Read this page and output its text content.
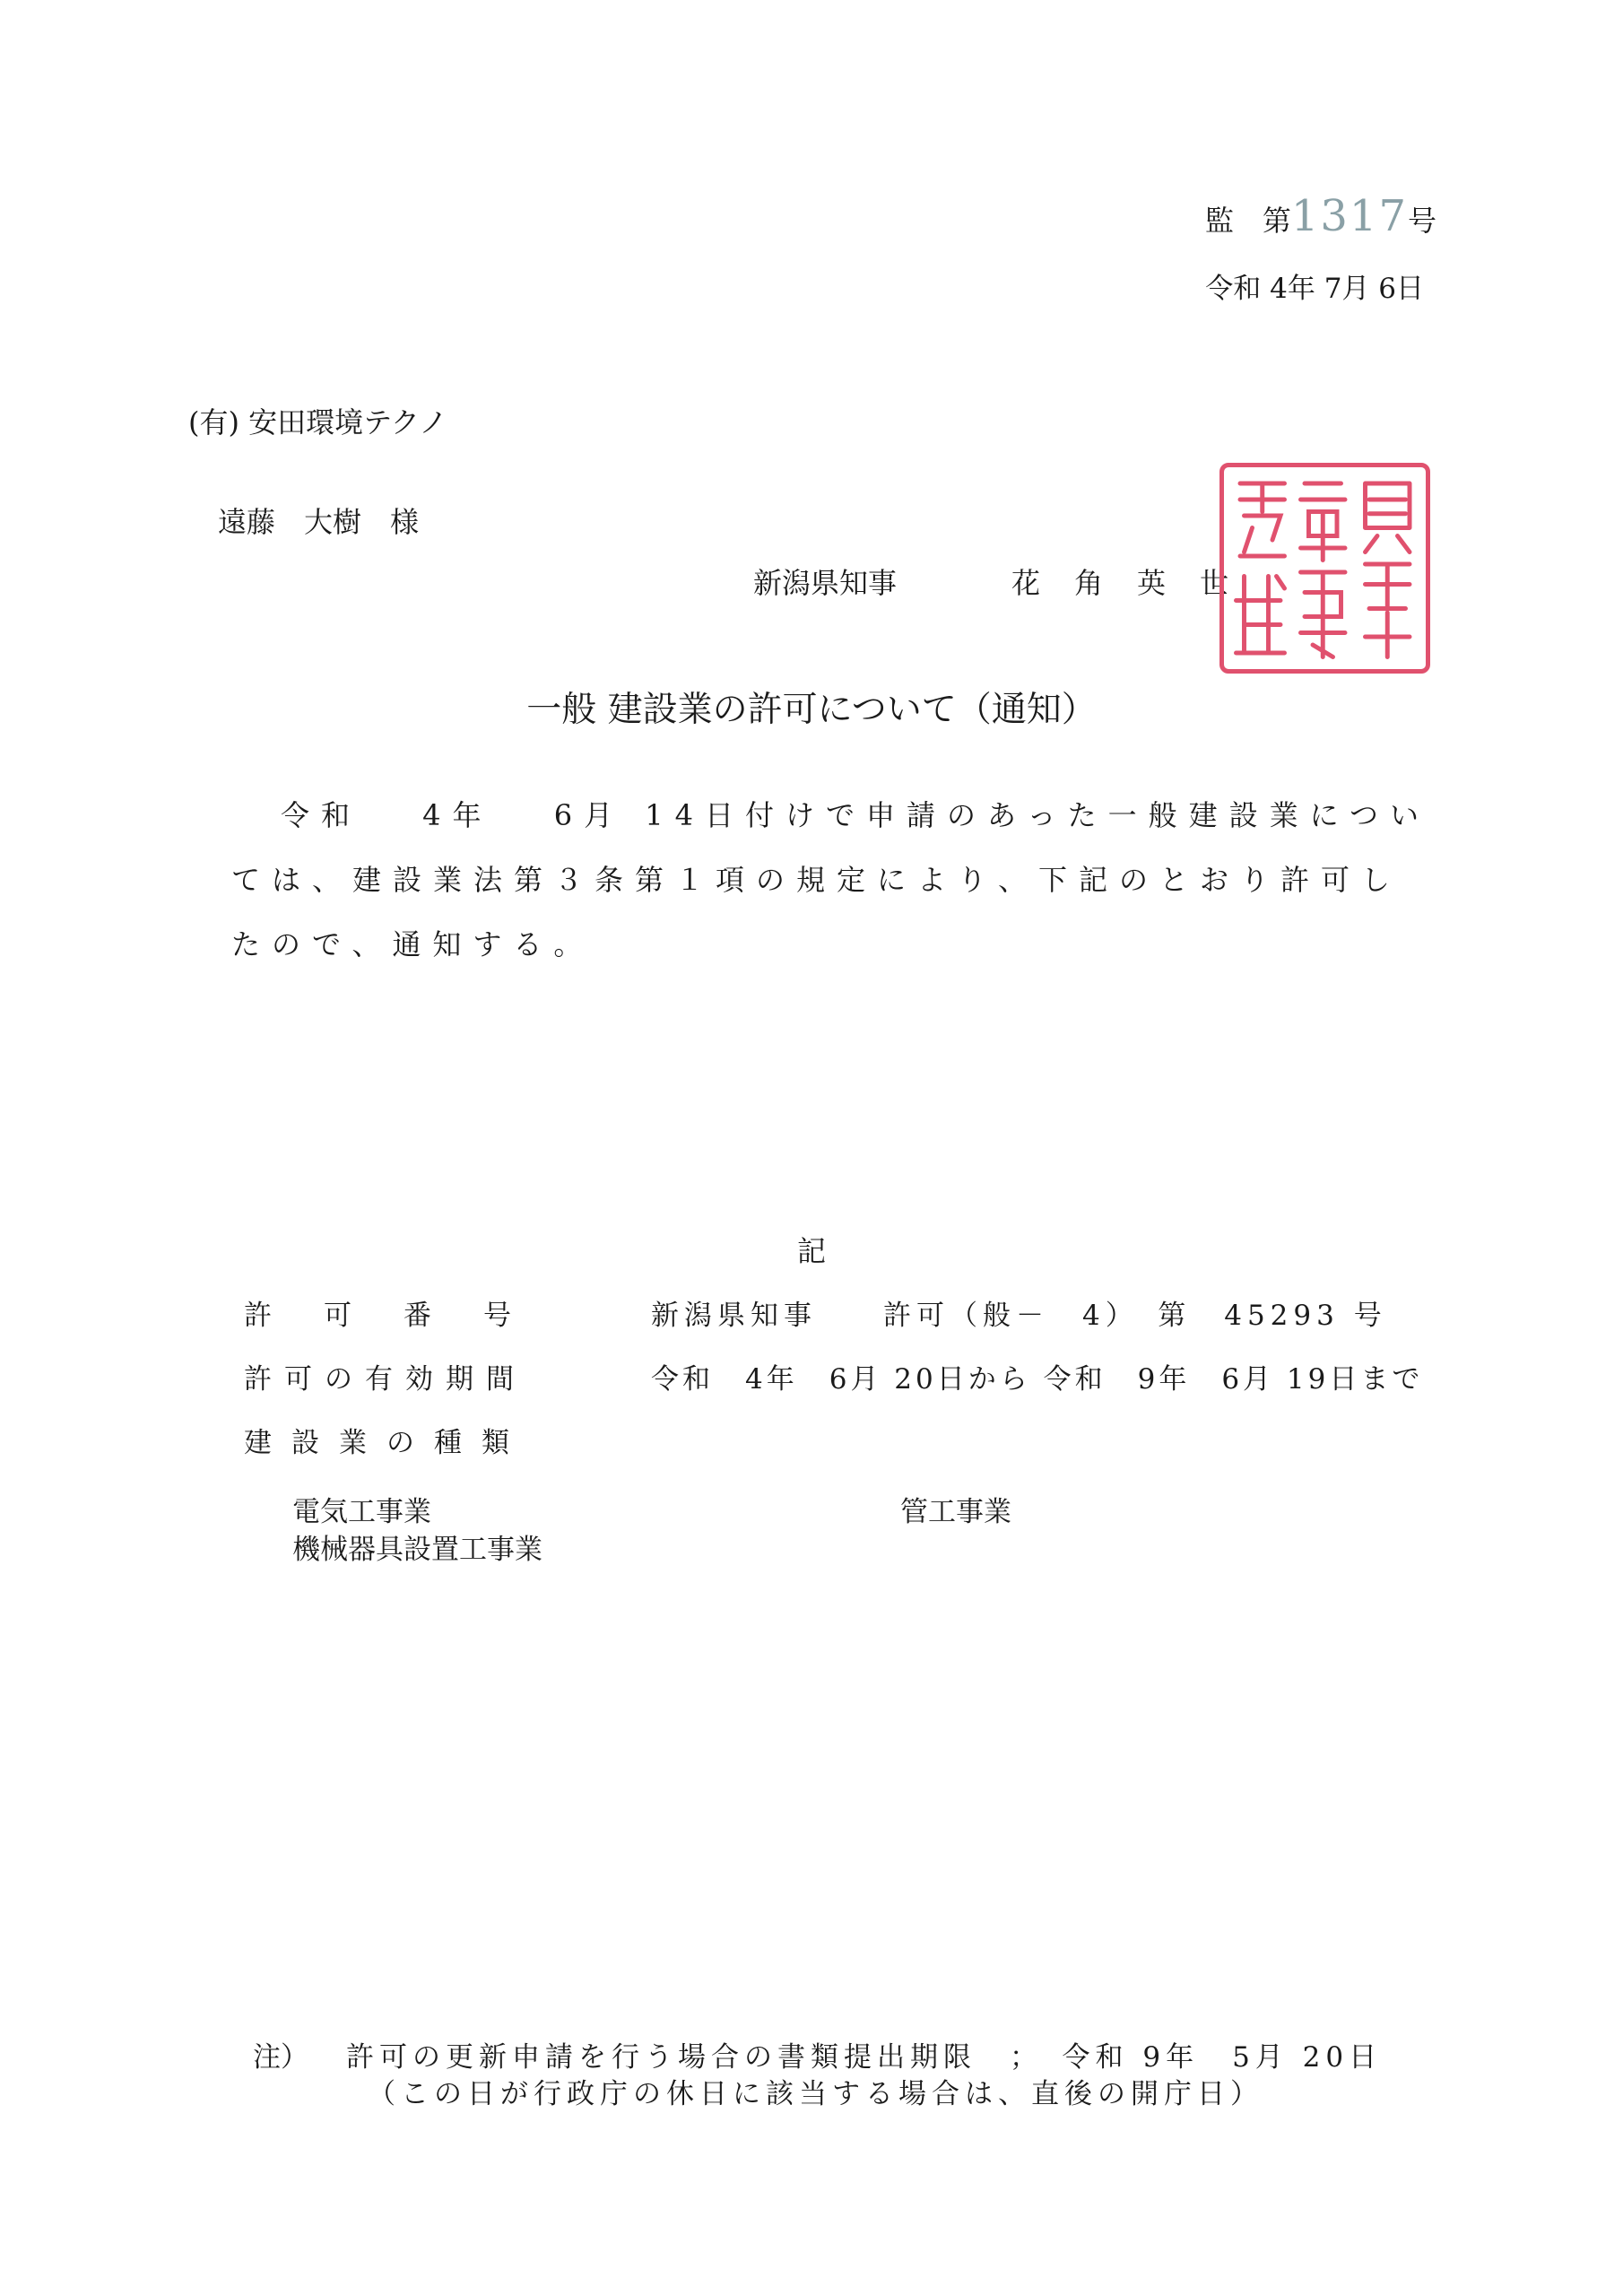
監　第1317号
令和 4年 7月 6日
(有) 安田環境テクノ
遠藤　大樹　様
新潟県知事	花角英世
一般 建設業の許可について（通知）
令和　 4年　 6月 14日付けで申請のあった一般建設業については、建設業法第３条第１項の規定により、下記のとおり許可したので、通知する。
記
許可番号	新潟県知事　　許可（般－　4）　第　45293 号
許可の有効期間	令和　4年　6月 20日から 令和　9年　6月 19日まで
建設業の種類
電気工事業
機械器具設置工事業
管工事業
注） 許可の更新申請を行う場合の書類提出期限　；　令和 9年　5月 20日
（この日が行政庁の休日に該当する場合は、直後の開庁日）
